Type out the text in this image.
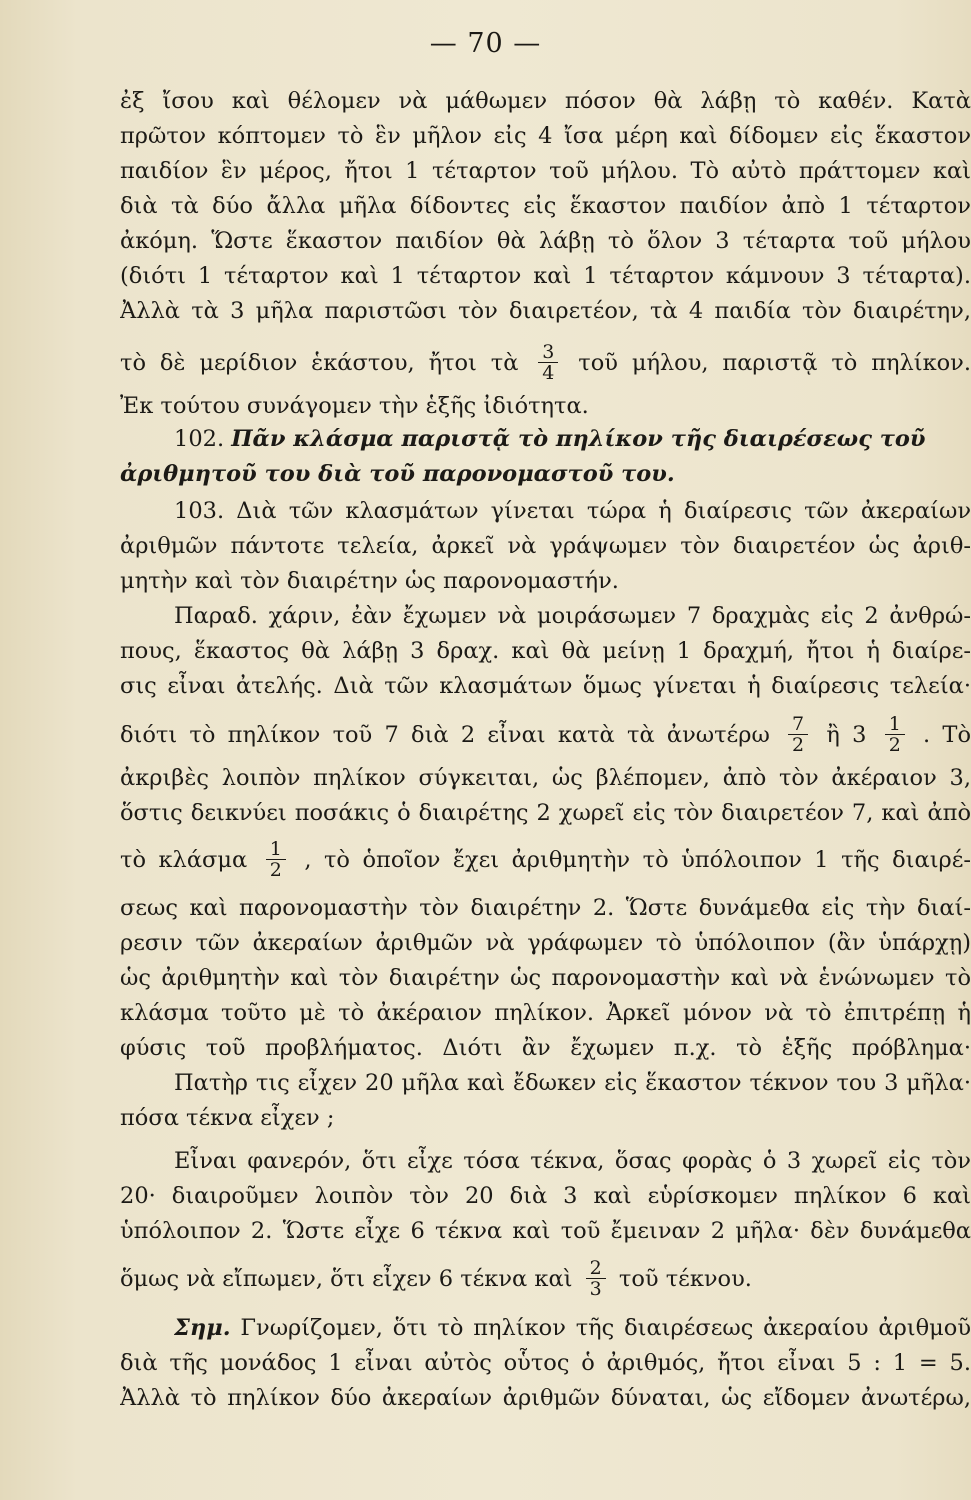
— 70 —
ἐξ ἴσου καὶ θέλομεν νὰ μάθωμεν πόσον θὰ λάβῃ τὸ καθέν. Κατὰ
πρῶτον κόπτομεν τὸ ἓν μῆλον εἰς 4 ἴσα μέρη καὶ δίδομεν εἰς ἕκαστον
παιδίον ἓν μέρος, ἤτοι 1 τέταρτον τοῦ μήλου. Τὸ αὐτὸ πράττομεν καὶ
διὰ τὰ δύο ἄλλα μῆλα δίδοντες εἰς ἕκαστον παιδίον ἀπὸ 1 τέταρτον
ἀκόμη. Ὥστε ἕκαστον παιδίον θὰ λάβῃ τὸ ὅλον 3 τέταρτα τοῦ μήλου
(διότι 1 τέταρτον καὶ 1 τέταρτον καὶ 1 τέταρτον κάμνουν 3 τέταρτα).
Ἀλλὰ τὰ 3 μῆλα παριστῶσι τὸν διαιρετέον, τὰ 4 παιδία τὸν διαιρέτην,
τὸ δὲ μερίδιον ἑκάστου, ἤτοι τὰ $\frac{3}{4}$ τοῦ μήλου, παριστᾷ τὸ πηλίκον.
Ἐκ τούτου συνάγομεν τὴν ἑξῆς ἰδιότητα.
102. Πᾶν κλάσμα παριστᾷ τὸ πηλίκον τῆς διαιρέσεως τοῦ
ἀριθμητοῦ του διὰ τοῦ παρονομαστοῦ του.
103. Διὰ τῶν κλασμάτων γίνεται τώρα ἡ διαίρεσις τῶν ἀκεραίων
ἀριθμῶν πάντοτε τελεία, ἀρκεῖ νὰ γράψωμεν τὸν διαιρετέον ὡς ἀριθ-
μητὴν καὶ τὸν διαιρέτην ὡς παρονομαστήν.
Παραδ. χάριν, ἐὰν ἔχωμεν νὰ μοιράσωμεν 7 δραχμὰς εἰς 2 ἀνθρώ-
πους, ἕκαστος θὰ λάβῃ 3 δραχ. καὶ θὰ μείνῃ 1 δραχμή, ἤτοι ἡ διαίρε-
σις εἶναι ἀτελής. Διὰ τῶν κλασμάτων ὅμως γίνεται ἡ διαίρεσις τελεία·
διότι τὸ πηλίκον τοῦ 7 διὰ 2 εἶναι κατὰ τὰ ἀνωτέρω $\frac{7}{2}$ ἢ $3 \frac{1}{2}$ . Τὸ
ἀκριβὲς λοιπὸν πηλίκον σύγκειται, ὡς βλέπομεν, ἀπὸ τὸν ἀκέραιον 3,
ὅστις δεικνύει ποσάκις ὁ διαιρέτης 2 χωρεῖ εἰς τὸν διαιρετέον 7, καὶ ἀπὸ
τὸ κλάσμα $\frac{1}{2}$ , τὸ ὁποῖον ἔχει ἀριθμητὴν τὸ ὑπόλοιπον 1 τῆς διαιρέ-
σεως καὶ παρονομαστὴν τὸν διαιρέτην 2. Ὥστε δυνάμεθα εἰς τὴν διαί-
ρεσιν τῶν ἀκεραίων ἀριθμῶν νὰ γράφωμεν τὸ ὑπόλοιπον (ἂν ὑπάρχῃ)
ὡς ἀριθμητὴν καὶ τὸν διαιρέτην ὡς παρονομαστὴν καὶ νὰ ἑνώνωμεν τὸ
κλάσμα τοῦτο μὲ τὸ ἀκέραιον πηλίκον. Ἀρκεῖ μόνον νὰ τὸ ἐπιτρέπῃ ἡ
φύσις τοῦ προβλήματος. Διότι ἂν ἔχωμεν π.χ. τὸ ἑξῆς πρόβλημα·
Πατὴρ τις εἶχεν 20 μῆλα καὶ ἔδωκεν εἰς ἕκαστον τέκνον του 3 μῆλα·
πόσα τέκνα εἶχεν ;
Εἶναι φανερόν, ὅτι εἶχε τόσα τέκνα, ὅσας φορὰς ὁ 3 χωρεῖ εἰς τὸν
20· διαιροῦμεν λοιπὸν τὸν 20 διὰ 3 καὶ εὑρίσκομεν πηλίκον 6 καὶ
ὑπόλοιπον 2. Ὥστε εἶχε 6 τέκνα καὶ τοῦ ἔμειναν 2 μῆλα· δὲν δυνάμεθα
ὅμως νὰ εἴπωμεν, ὅτι εἶχεν 6 τέκνα καὶ $\frac{2}{3}$ τοῦ τέκνου.
Σημ. Γνωρίζομεν, ὅτι τὸ πηλίκον τῆς διαιρέσεως ἀκεραίου ἀριθμοῦ
διὰ τῆς μονάδος 1 εἶναι αὐτὸς οὗτος ὁ ἀριθμός, ἤτοι εἶναι 5 : 1 = 5.
Ἀλλὰ τὸ πηλίκον δύο ἀκεραίων ἀριθμῶν δύναται, ὡς εἴδομεν ἀνωτέρω,
